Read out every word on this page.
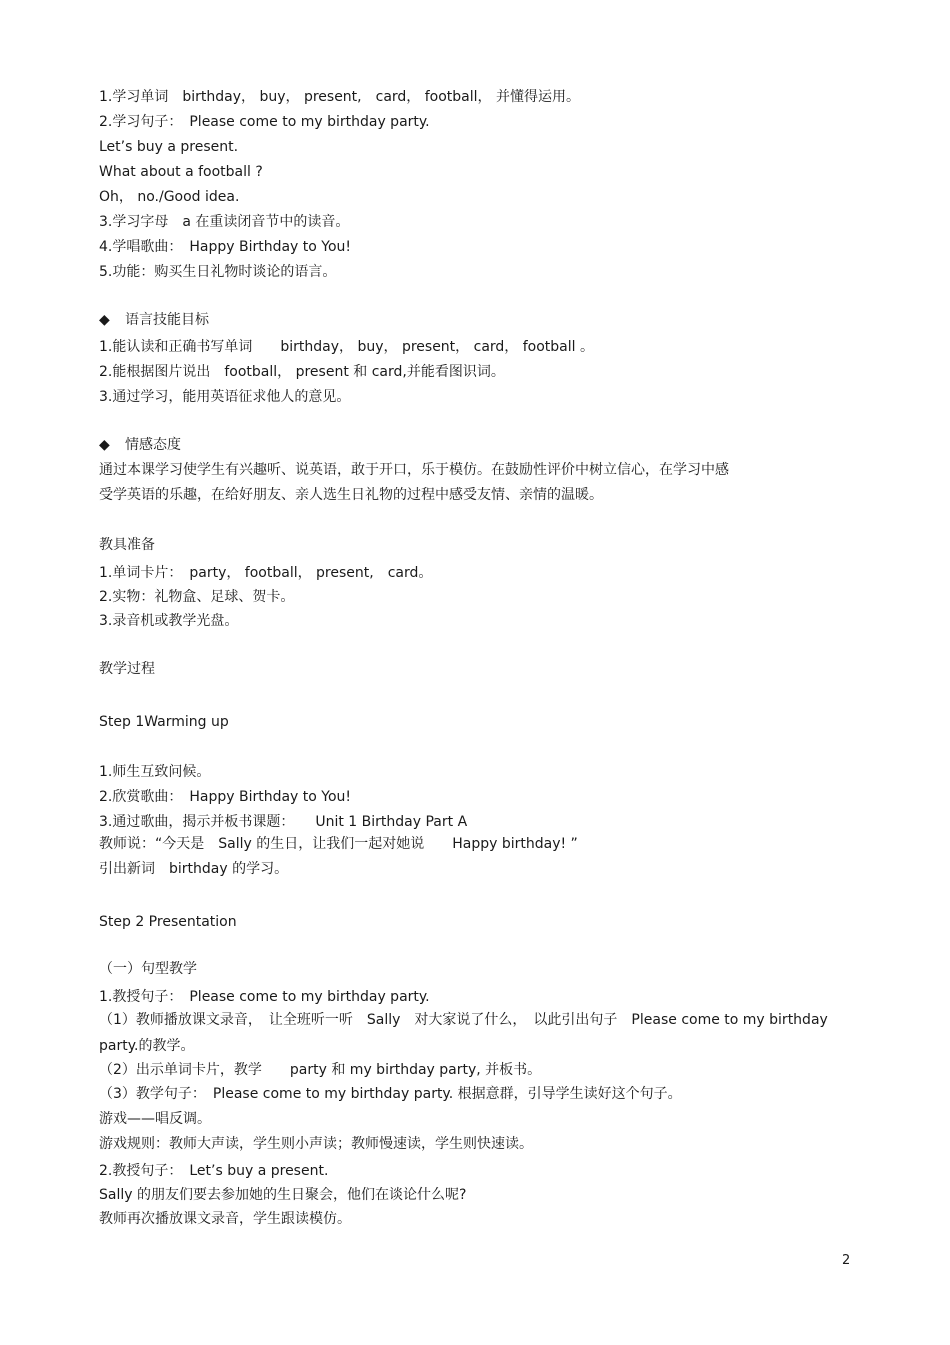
1.学习单词　birthday， buy， present,　card， football， 并懂得运用。
2.学习句子：　Please come to my birthday party.
Let’s buy a present.
What about a football ?
Oh， no./Good idea.
3.学习字母　a 在重读闭音节中的读音。
4.学唱歌曲：　Happy Birthday to You!
5.功能：购买生日礼物时谈论的语言。
◆ 语言技能目标
1.能认读和正确书写单词　　birthday， buy， present， card， football 。
2.能根据图片说出　football， present 和 card,并能看图识词。
3.通过学习，能用英语征求他人的意见。
◆ 情感态度
通过本课学习使学生有兴趣听、说英语，敢于开口，乐于模仿。在鼓励性评价中树立信心，在学习中感
受学英语的乐趣，在给好朋友、亲人选生日礼物的过程中感受友情、亲情的温暖。
教具准备
1.单词卡片：　party， football， present,　card。
2.实物：礼物盒、足球、贺卡。
3.录音机或教学光盘。
教学过程
Step 1Warming up
1.师生互致问候。
2.欣赏歌曲：　Happy Birthday to You!
3.通过歌曲，揭示并板书课题：　　Unit 1 Birthday Part A
教师说：“今天是　Sally 的生日，让我们一起对她说　　Happy birthday! ”
引出新词　birthday 的学习。
Step 2 Presentation
（一）句型教学
1.教授句子：　Please come to my birthday party.
（1）教师播放课文录音，　让全班听一听　Sally　对大家说了什么，　以此引出句子　Please come to my birthday
party.的教学。
（2）出示单词卡片，教学　　party 和 my birthday party, 并板书。
（3）教学句子：　Please come to my birthday party. 根据意群，引导学生读好这个句子。
游戏——唱反调。
游戏规则：教师大声读，学生则小声读；教师慢速读，学生则快速读。
2.教授句子：　Let’s buy a present.
Sally 的朋友们要去参加她的生日聚会，他们在谈论什么呢?
教师再次播放课文录音，学生跟读模仿。
2
